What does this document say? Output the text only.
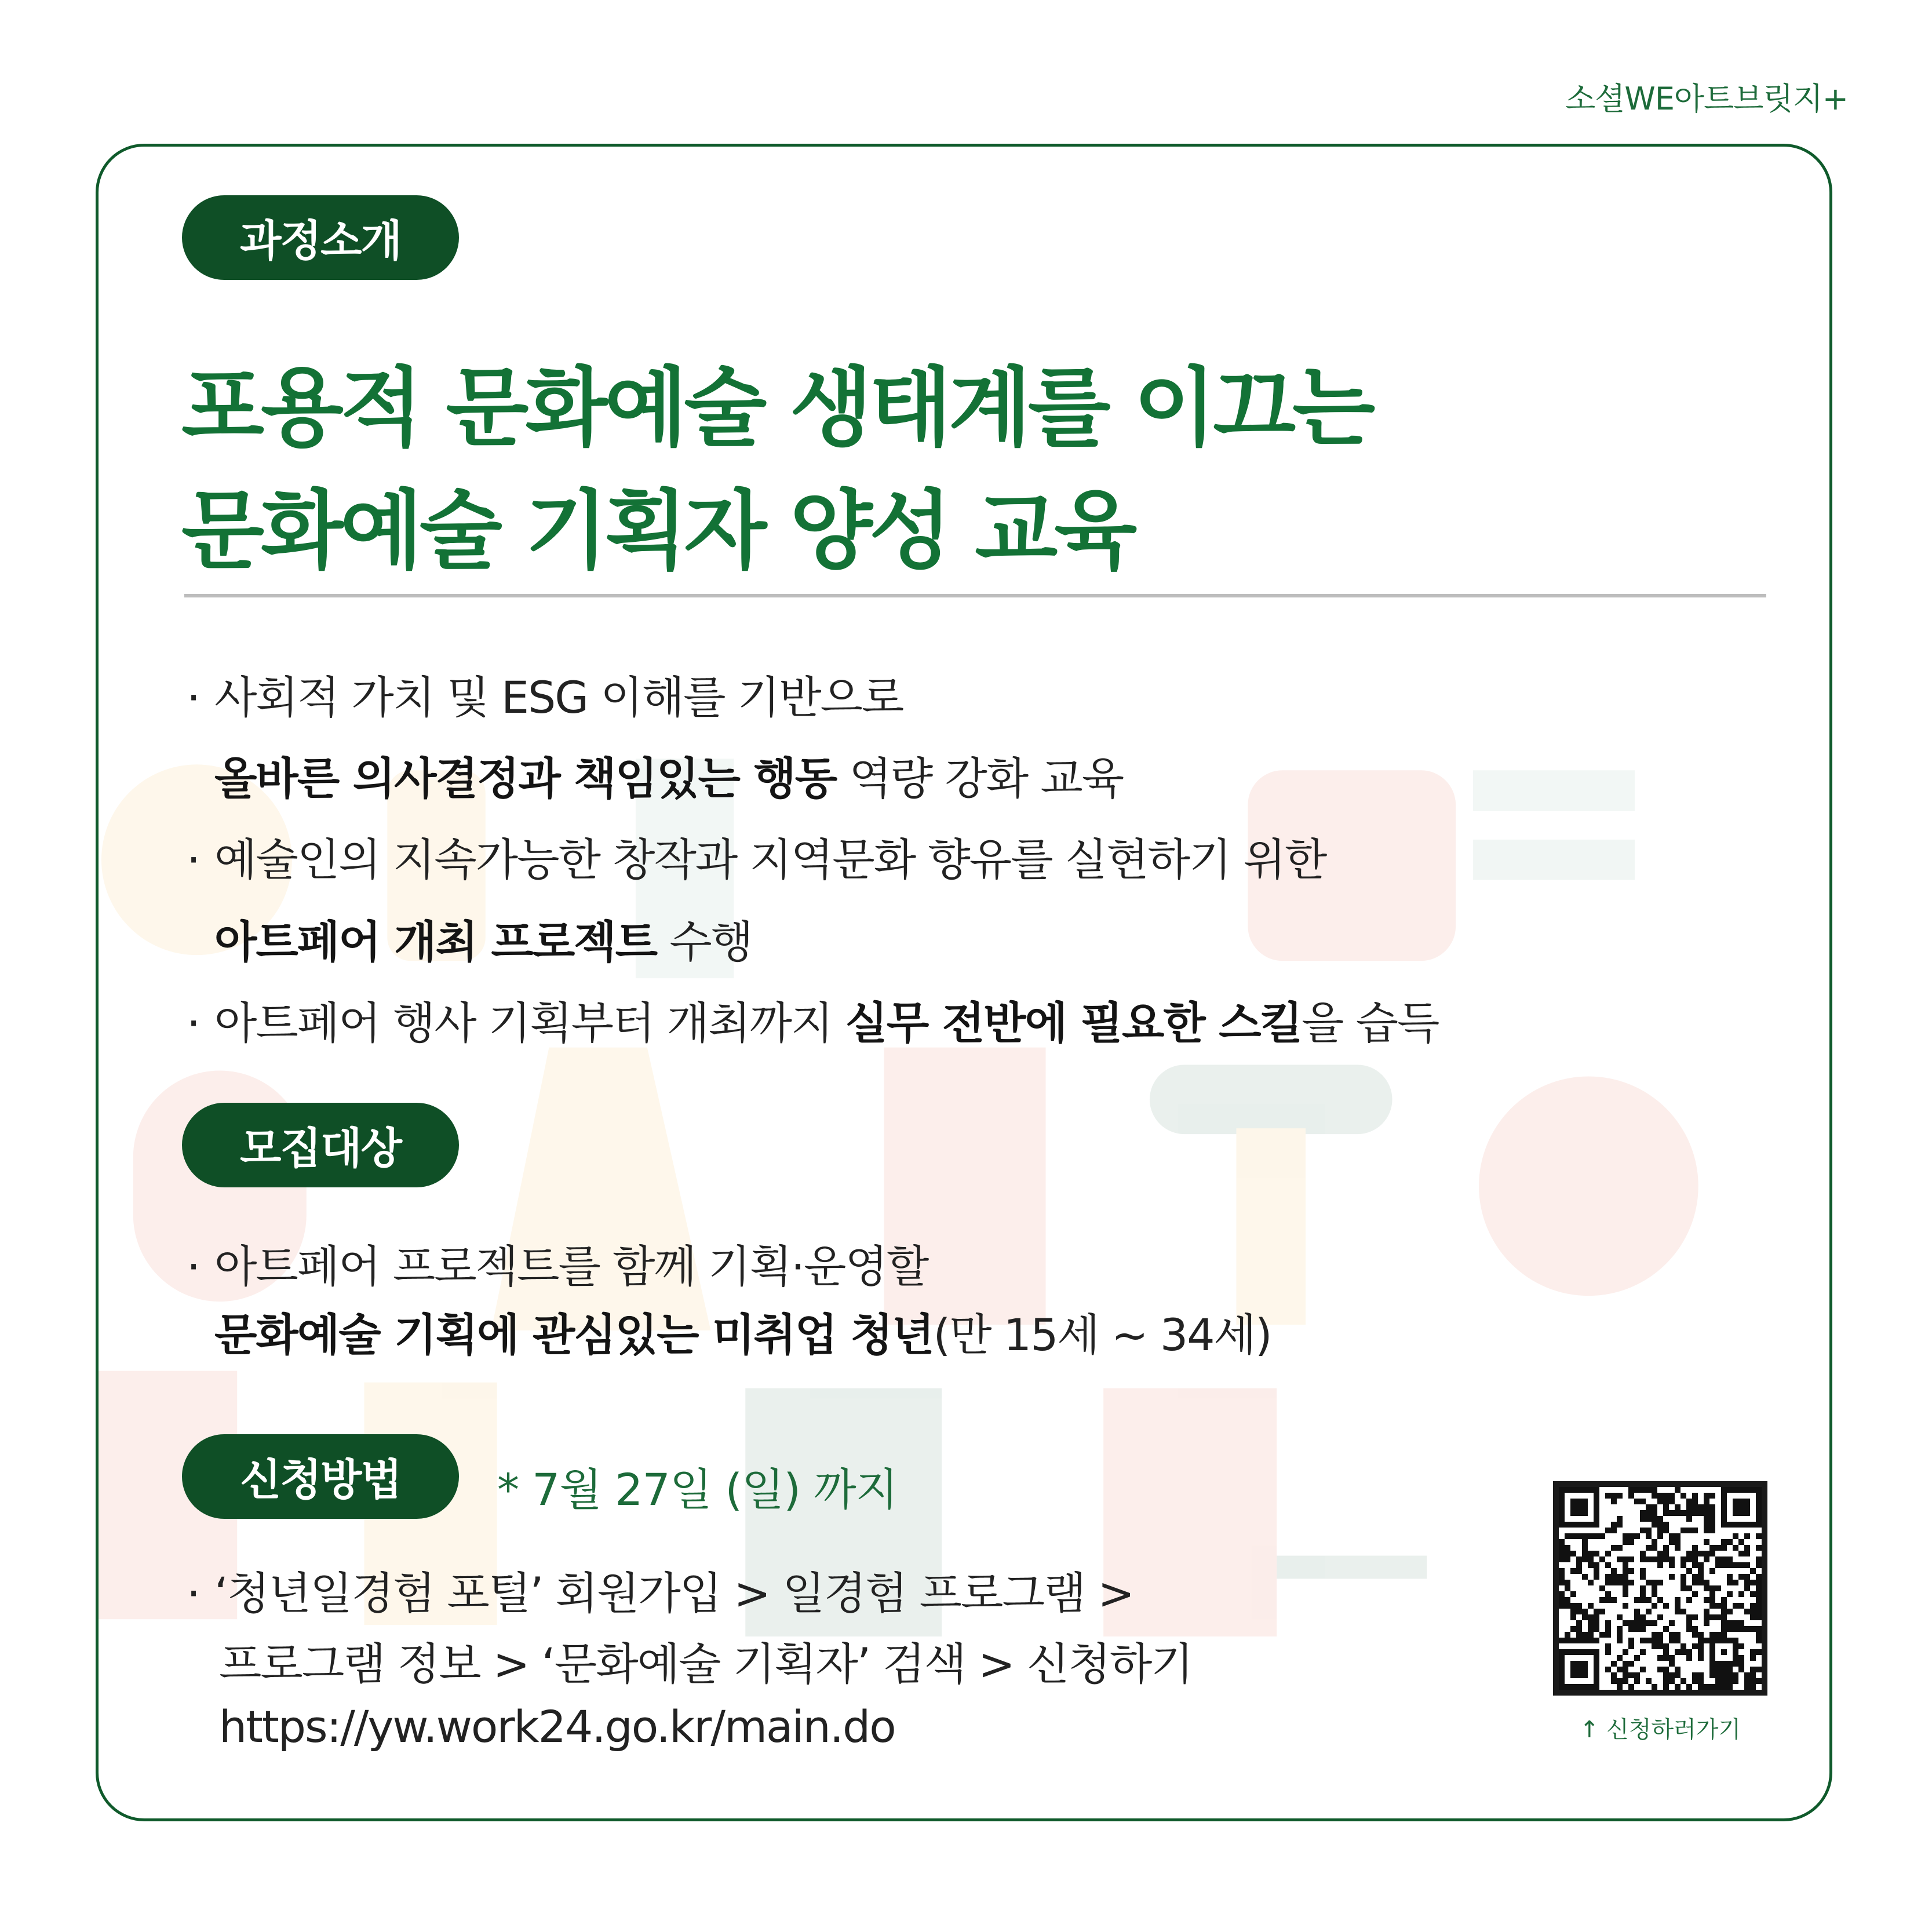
소셜WE아트브릿지+
과정소개
포용적 문화예술 생태계를 이끄는
문화예술 기획자 양성 교육
· 사회적 가치 및 ESG 이해를 기반으로
올바른 의사결정과 책임있는 행동 역량 강화 교육
· 예술인의 지속가능한 창작과 지역문화 향유를 실현하기 위한
아트페어 개최 프로젝트 수행
· 아트페어 행사 기획부터 개최까지 실무 전반에 필요한 스킬을 습득
모집대상
· 아트페어 프로젝트를 함께 기획·운영할
문화예술 기획에 관심있는 미취업 청년(만 15세 ~ 34세)
신청방법	* 7월 27일 (일) 까지
· ‘청년일경험 포털’ 회원가입 > 일경험 프로그램 >
프로그램 정보 > ‘문화예술 기획자’ 검색 > 신청하기
https://yw.work24.go.kr/main.do	↑ 신청하러가기
